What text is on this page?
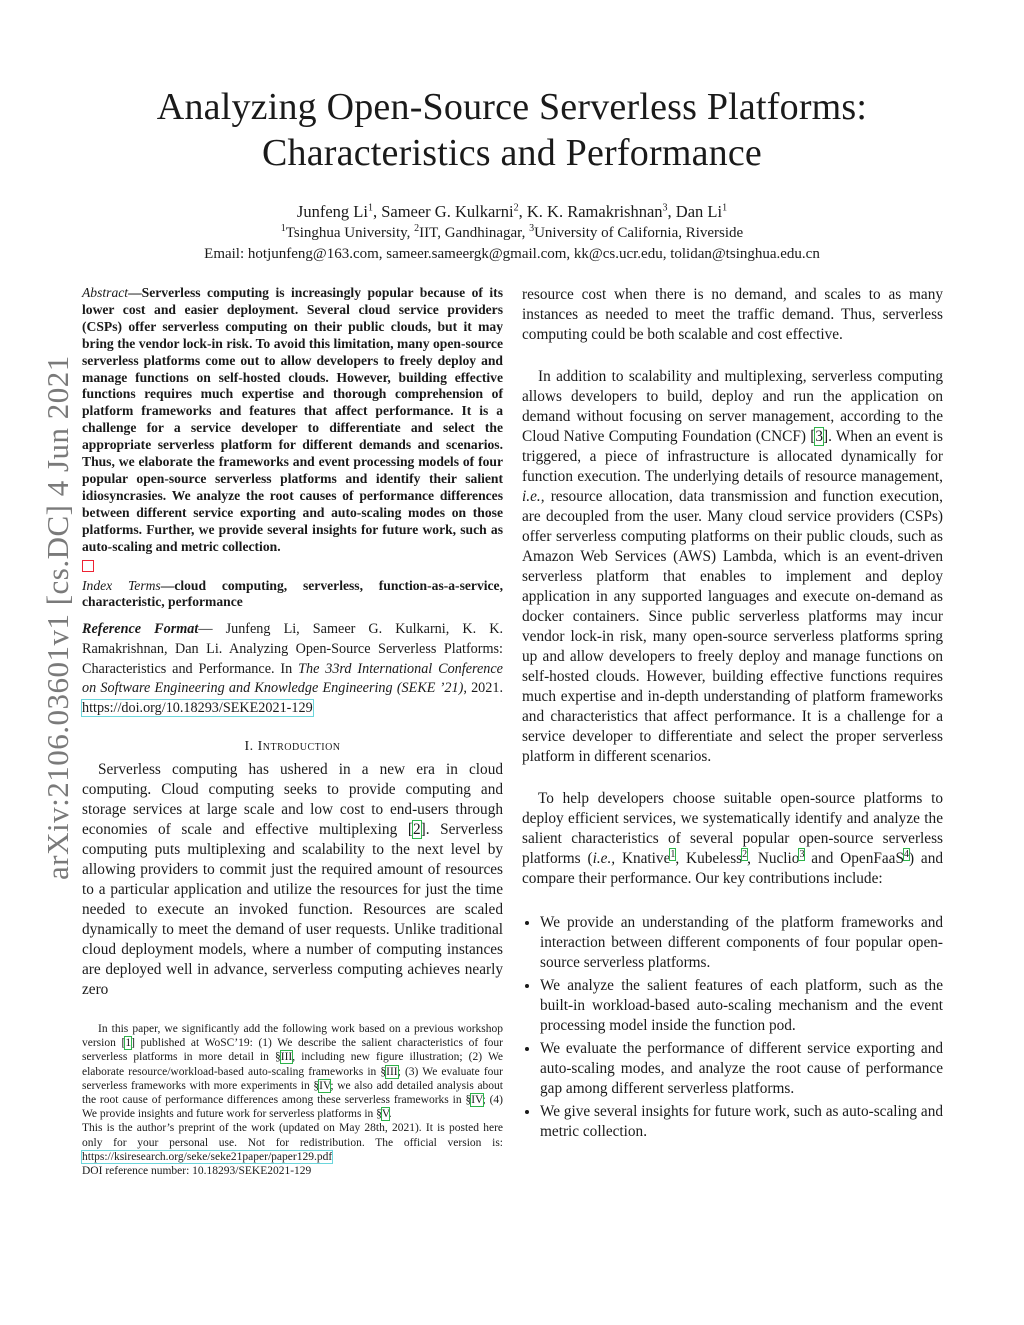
Analyzing Open-Source Serverless Platforms: Characteristics and Performance
Junfeng Li$^1$, Sameer G. Kulkarni$^2$, K. K. Ramakrishnan$^3$, Dan Li$^1$
$^1$Tsinghua University, $^2$IIT, Gandhinagar, $^3$University of California, Riverside
Email: hotjunfeng@163.com, sameer.sameergk@gmail.com, kk@cs.ucr.edu, tolidan@tsinghua.edu.cn
arXiv:2106.03601v1 [cs.DC] 4 Jun 2021
Abstract—Serverless computing is increasingly popular because of its lower cost and easier deployment. Several cloud service providers (CSPs) offer serverless computing on their public clouds, but it may bring the vendor lock-in risk. To avoid this limitation, many open-source serverless platforms come out to allow developers to freely deploy and manage functions on self-hosted clouds. However, building effective functions requires much expertise and thorough comprehension of platform frameworks and features that affect performance. It is a challenge for a service developer to differentiate and select the appropriate serverless platform for different demands and scenarios. Thus, we elaborate the frameworks and event processing models of four popular open-source serverless platforms and identify their salient idiosyncrasies. We analyze the root causes of performance differences between different service exporting and auto-scaling modes on those platforms. Further, we provide several insights for future work, such as auto-scaling and metric collection.
Index Terms—cloud computing, serverless, function-as-a-service, characteristic, performance
Reference Format— Junfeng Li, Sameer G. Kulkarni, K. K. Ramakrishnan, Dan Li. Analyzing Open-Source Serverless Platforms: Characteristics and Performance. In The 33rd International Conference on Software Engineering and Knowledge Engineering (SEKE ’21), 2021. https://doi.org/10.18293/SEKE2021-129
I. Introduction
Serverless computing has ushered in a new era in cloud computing. Cloud computing seeks to provide computing and storage services at large scale and low cost to end-users through economies of scale and effective multiplexing [2]. Serverless computing puts multiplexing and scalability to the next level by allowing providers to commit just the required amount of resources to a particular application and utilize the resources for just the time needed to execute an invoked function. Resources are scaled dynamically to meet the demand of user requests. Unlike traditional cloud deployment models, where a number of computing instances are deployed well in advance, serverless computing achieves nearly zero
In this paper, we significantly add the following work based on a previous workshop version [1] published at WoSC’19: (1) We describe the salient characteristics of four serverless platforms in more detail in §III, including new figure illustration; (2) We elaborate resource/workload-based auto-scaling frameworks in §III; (3) We evaluate four serverless frameworks with more experiments in §IV; we also add detailed analysis about the root cause of performance differences among these serverless frameworks in §IV; (4) We provide insights and future work for serverless platforms in §V.
This is the author’s preprint of the work (updated on May 28th, 2021). It is posted here only for your personal use. Not for redistribution. The official version is: https://ksiresearch.org/seke/seke21paper/paper129.pdf
DOI reference number: 10.18293/SEKE2021-129
resource cost when there is no demand, and scales to as many instances as needed to meet the traffic demand. Thus, serverless computing could be both scalable and cost effective.
In addition to scalability and multiplexing, serverless computing allows developers to build, deploy and run the application on demand without focusing on server management, according to the Cloud Native Computing Foundation (CNCF) [3]. When an event is triggered, a piece of infrastructure is allocated dynamically for function execution. The underlying details of resource management, i.e., resource allocation, data transmission and function execution, are decoupled from the user. Many cloud service providers (CSPs) offer serverless computing platforms on their public clouds, such as Amazon Web Services (AWS) Lambda, which is an event-driven serverless platform that enables to implement and deploy application in any supported languages and execute on-demand as docker containers. Since public serverless platforms may incur vendor lock-in risk, many open-source serverless platforms spring up and allow developers to freely deploy and manage functions on self-hosted clouds. However, building effective functions requires much expertise and in-depth understanding of platform frameworks and characteristics that affect performance. It is a challenge for a service developer to differentiate and select the proper serverless platform in different scenarios.
To help developers choose suitable open-source platforms to deploy efficient services, we systematically identify and analyze the salient characteristics of several popular open-source serverless platforms (i.e., Knative$^1$, Kubeless$^2$, Nuclio$^3$ and OpenFaaS$^4$) and compare their performance. Our key contributions include:
• We provide an understanding of the platform frameworks and interaction between different components of four popular open-source serverless platforms.
• We analyze the salient features of each platform, such as the built-in workload-based auto-scaling mechanism and the event processing model inside the function pod.
• We evaluate the performance of different service exporting and auto-scaling modes, and analyze the root cause of performance gap among different serverless platforms.
• We give several insights for future work, such as auto-scaling and metric collection.
